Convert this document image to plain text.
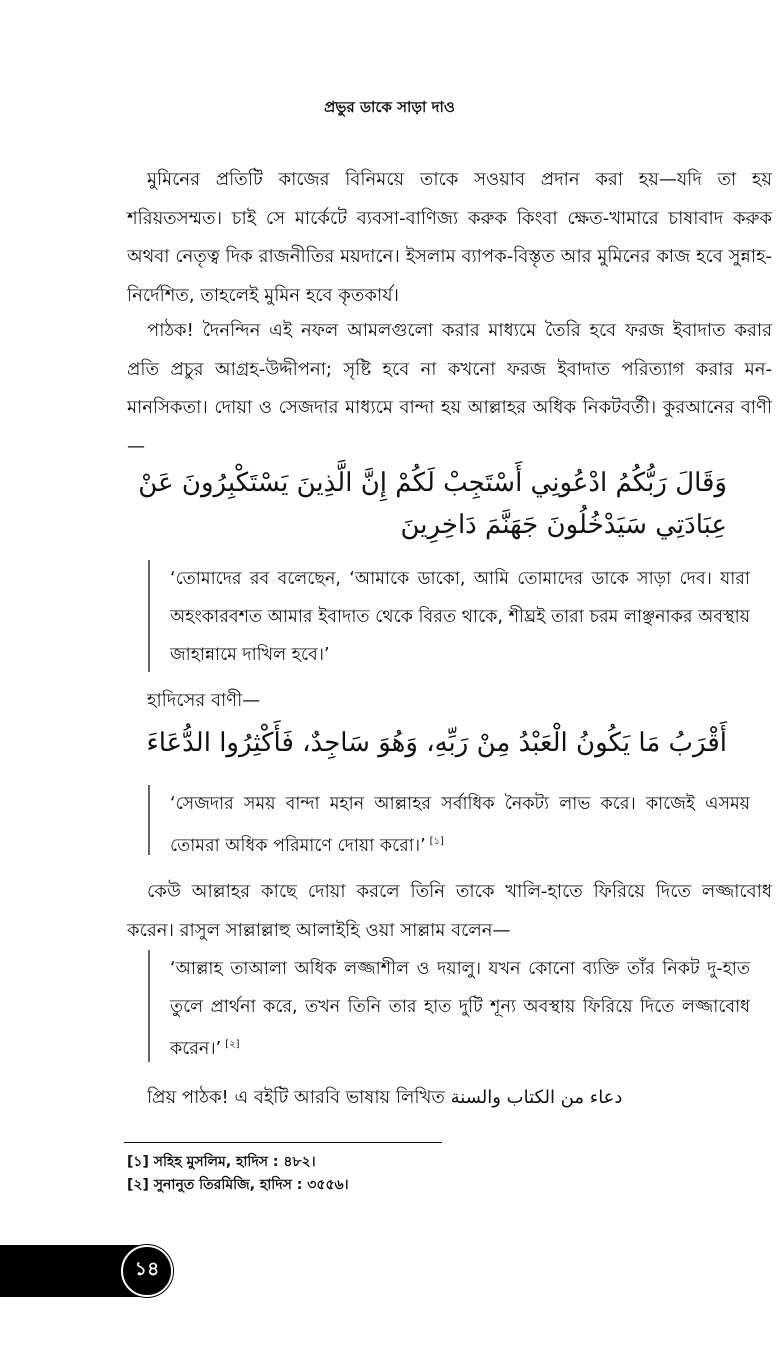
প্রভুর ডাকে সাড়া দাও

মুমিনের প্রতিটি কাজের বিনিময়ে তাকে সওয়াব প্রদান করা হয়—যদি তা হয় শরিয়তসম্মত। চাই সে মার্কেটে ব্যবসা-বাণিজ্য করুক কিংবা ক্ষেত-খামারে চাষাবাদ করুক অথবা নেতৃত্ব দিক রাজনীতির ময়দানে। ইসলাম ব্যাপক-বিস্তৃত আর মুমিনের কাজ হবে সুন্নাহ-নির্দেশিত, তাহলেই মুমিন হবে কৃতকার্য।

পাঠক! দৈনন্দিন এই নফল আমলগুলো করার মাধ্যমে তৈরি হবে ফরজ ইবাদাত করার প্রতি প্রচুর আগ্রহ-উদ্দীপনা; সৃষ্টি হবে না কখনো ফরজ ইবাদাত পরিত্যাগ করার মন-মানসিকতা। দোয়া ও সেজদার মাধ্যমে বান্দা হয় আল্লাহর অধিক নিকটবর্তী। কুরআনের বাণী—

وَقَالَ رَبُّكُمُ ادْعُونِي أَسْتَجِبْ لَكُمْ إِنَّ الَّذِينَ يَسْتَكْبِرُونَ عَنْ عِبَادَتِي سَيَدْخُلُونَ جَهَنَّمَ دَاخِرِينَ

‘তোমাদের রব বলেছেন, ‘আমাকে ডাকো, আমি তোমাদের ডাকে সাড়া দেব। যারা অহংকারবশত আমার ইবাদাত থেকে বিরত থাকে, শীঘ্রই তারা চরম লাঞ্ছনাকর অবস্থায় জাহান্নামে দাখিল হবে।’

হাদিসের বাণী—

أَقْرَبُ مَا يَكُونُ الْعَبْدُ مِنْ رَبِّهِ، وَهُوَ سَاجِدٌ، فَأَكْثِرُوا الدُّعَاءَ

‘সেজদার সময় বান্দা মহান আল্লাহর সর্বাধিক নৈকট্য লাভ করে। কাজেই এসময় তোমরা অধিক পরিমাণে দোয়া করো।’ [১]

কেউ আল্লাহর কাছে দোয়া করলে তিনি তাকে খালি-হাতে ফিরিয়ে দিতে লজ্জাবোধ করেন। রাসুল সাল্লাল্লাহু আলাইহি ওয়া সাল্লাম বলেন—

‘আল্লাহ তাআলা অধিক লজ্জাশীল ও দয়ালু। যখন কোনো ব্যক্তি তাঁর নিকট দু-হাত তুলে প্রার্থনা করে, তখন তিনি তার হাত দুটি শূন্য অবস্থায় ফিরিয়ে দিতে লজ্জাবোধ করেন।’ [২]

প্রিয় পাঠক! এ বইটি আরবি ভাষায় লিখিত دعاء من الكتاب والسنة

[১] সহিহ মুসলিম, হাদিস : ৪৮২।
[২] সুনানুত তিরমিজি, হাদিস : ৩৫৫৬।
১৪
